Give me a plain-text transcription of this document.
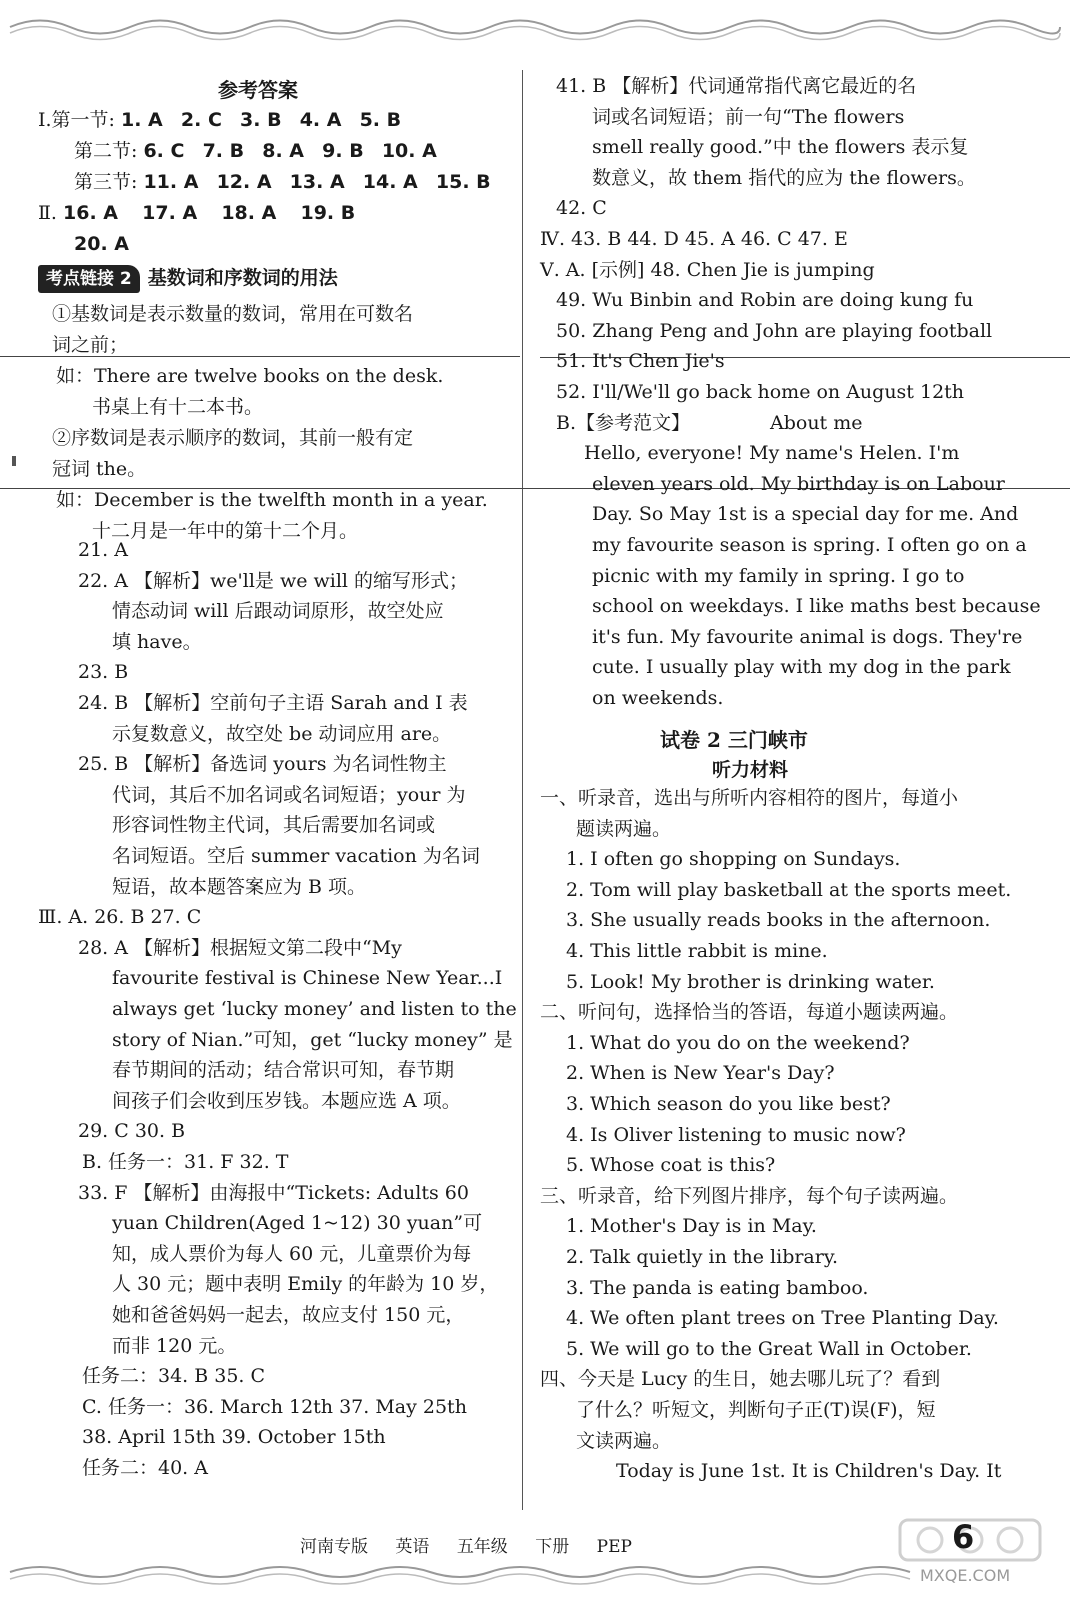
参考答案
Ⅰ.第一节: 1. A 2. C 3. B 4. A 5. B
第二节: 6. C 7. B 8. A 9. B 10. A
第三节: 11. A 12. A 13. A 14. A 15. B
Ⅱ. 16. A 17. A 18. A 19. B
20. A
考点链接 2 基数词和序数词的用法
①基数词是表示数量的数词，常用在可数名
词之前；
如：There are twelve books on the desk.
书桌上有十二本书。
②序数词是表示顺序的数词，其前一般有定
冠词 the。
如：December is the twelfth month in a year.
十二月是一年中的第十二个月。
21. A
22. A 【解析】we'll是 we will 的缩写形式；
情态动词 will 后跟动词原形，故空处应
填 have。
23. B
24. B 【解析】空前句子主语 Sarah and I 表
示复数意义，故空处 be 动词应用 are。
25. B 【解析】备选词 yours 为名词性物主
代词，其后不加名词或名词短语；your 为
形容词性物主代词，其后需要加名词或
名词短语。空后 summer vacation 为名词
短语，故本题答案应为 B 项。
Ⅲ. A. 26. B 27. C
28. A 【解析】根据短文第二段中“My
favourite festival is Chinese New Year...I
always get ‘lucky money’ and listen to the
story of Nian.”可知，get “lucky money” 是
春节期间的活动；结合常识可知，春节期
间孩子们会收到压岁钱。本题应选 A 项。
29. C 30. B
B. 任务一：31. F 32. T
33. F 【解析】由海报中“Tickets: Adults 60
yuan Children(Aged 1~12) 30 yuan”可
知，成人票价为每人 60 元，儿童票价为每
人 30 元；题中表明 Emily 的年龄为 10 岁，
她和爸爸妈妈一起去，故应支付 150 元，
而非 120 元。
任务二：34. B 35. C
C. 任务一：36. March 12th 37. May 25th
38. April 15th 39. October 15th
任务二：40. A
41. B 【解析】代词通常指代离它最近的名
词或名词短语；前一句“The flowers
smell really good.”中 the flowers 表示复
数意义，故 them 指代的应为 the flowers。
42. C
Ⅳ. 43. B 44. D 45. A 46. C 47. E
Ⅴ. A. [示例] 48. Chen Jie is jumping
49. Wu Binbin and Robin are doing kung fu
50. Zhang Peng and John are playing football
51. It's Chen Jie's
52. I'll/We'll go back home on August 12th
B.【参考范文】	About me
Hello, everyone! My name's Helen. I'm
eleven years old. My birthday is on Labour
Day. So May 1st is a special day for me. And
my favourite season is spring. I often go on a
picnic with my family in spring. I go to
school on weekdays. I like maths best because
it's fun. My favourite animal is dogs. They're
cute. I usually play with my dog in the park
on weekends.
试卷 2 三门峡市
听力材料
一、听录音，选出与所听内容相符的图片，每道小
题读两遍。
1. I often go shopping on Sundays.
2. Tom will play basketball at the sports meet.
3. She usually reads books in the afternoon.
4. This little rabbit is mine.
5. Look! My brother is drinking water.
二、听问句，选择恰当的答语，每道小题读两遍。
1. What do you do on the weekend?
2. When is New Year's Day?
3. Which season do you like best?
4. Is Oliver listening to music now?
5. Whose coat is this?
三、听录音，给下列图片排序，每个句子读两遍。
1. Mother's Day is in May.
2. Talk quietly in the library.
3. The panda is eating bamboo.
4. We often plant trees on Tree Planting Day.
5. We will go to the Great Wall in October.
四、今天是 Lucy 的生日，她去哪儿玩了？看到
了什么？听短文，判断句子正(T)误(F)，短
文读两遍。
Today is June 1st. It is Children's Day. It
河南专版 英语 五年级 下册 PEP	6
MXQE.COM
